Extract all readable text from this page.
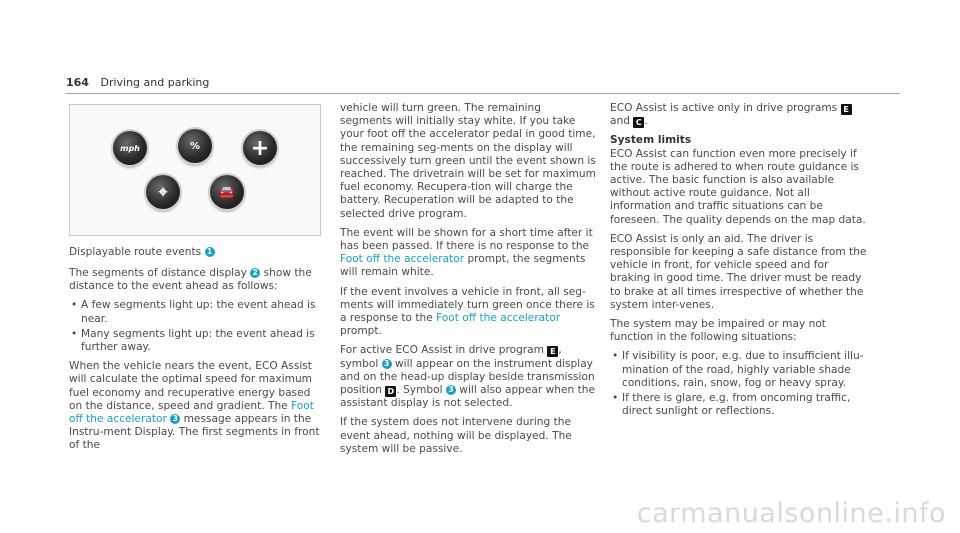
164 Driving and parking
mph	%	+
⌖	🚘
Displayable route events 1

The segments of distance display 2 show the distance to the event ahead as follows:

• A few segments light up: the event ahead is near.
• Many segments light up: the event ahead is further away.

When the vehicle nears the event, ECO Assist will calculate the optimal speed for maximum fuel economy and recuperative energy based on the distance, speed and gradient. The Foot off the accelerator 3 message appears in the Instru-ment Display. The first segments in front of the

vehicle will turn green. The remaining segments will initially stay white. If you take your foot off the accelerator pedal in good time, the remaining seg-ments on the display will successively turn green until the event shown is reached. The drivetrain will be set for maximum fuel economy. Recupera-tion will charge the battery. Recuperation will be adapted to the selected drive program.

The event will be shown for a short time after it has been passed. If there is no response to the Foot off the accelerator prompt, the segments will remain white.

If the event involves a vehicle in front, all seg-ments will immediately turn green once there is a response to the Foot off the accelerator prompt.

For active ECO Assist in drive program E , symbol 3 will appear on the instrument display and on the head-up display beside transmission position D . Symbol 3 will also appear when the assistant display is not selected.

If the system does not intervene during the event ahead, nothing will be displayed. The system will be passive.

ECO Assist is active only in drive programs E and C .

System limits

ECO Assist can function even more precisely if the route is adhered to when route guidance is active. The basic function is also available without active route guidance. Not all information and traffic situations can be foreseen. The quality depends on the map data.

ECO Assist is only an aid. The driver is responsible for keeping a safe distance from the vehicle in front, for vehicle speed and for braking in good time. The driver must be ready to brake at all times irrespective of whether the system inter-venes.

The system may be impaired or may not function in the following situations:

• If visibility is poor, e.g. due to insufficient illu-mination of the road, highly variable shade conditions, rain, snow, fog or heavy spray.
• If there is glare, e.g. from oncoming traffic, direct sunlight or reflections.
carmanualsonline.info
